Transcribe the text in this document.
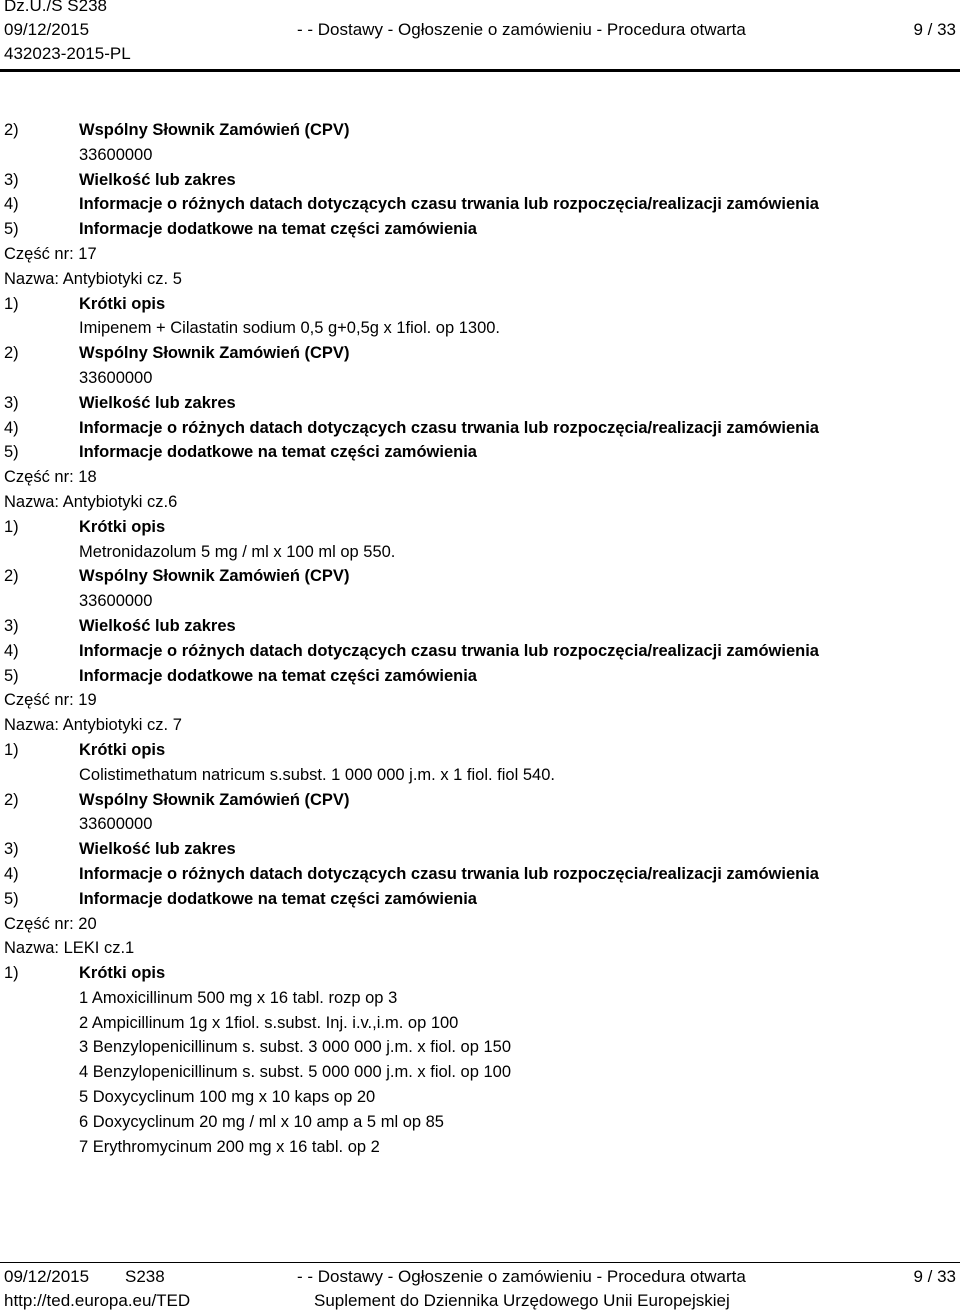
Dz.U./S S238
09/12/2015
432023-2015-PL
- - Dostawy - Ogłoszenie o zamówieniu - Procedura otwarta	9 / 33
2)	Wspólny Słownik Zamówień (CPV)
33600000
3)	Wielkość lub zakres
4)	Informacje o różnych datach dotyczących czasu trwania lub rozpoczęcia/realizacji zamówienia
5)	Informacje dodatkowe na temat części zamówienia
Część nr: 17
Nazwa: Antybiotyki cz. 5
1)	Krótki opis
Imipenem + Cilastatin sodium 0,5 g+0,5g x 1fiol. op 1300.
2)	Wspólny Słownik Zamówień (CPV)
33600000
3)	Wielkość lub zakres
4)	Informacje o różnych datach dotyczących czasu trwania lub rozpoczęcia/realizacji zamówienia
5)	Informacje dodatkowe na temat części zamówienia
Część nr: 18
Nazwa: Antybiotyki cz.6
1)	Krótki opis
Metronidazolum 5 mg / ml x 100 ml op 550.
2)	Wspólny Słownik Zamówień (CPV)
33600000
3)	Wielkość lub zakres
4)	Informacje o różnych datach dotyczących czasu trwania lub rozpoczęcia/realizacji zamówienia
5)	Informacje dodatkowe na temat części zamówienia
Część nr: 19
Nazwa: Antybiotyki cz. 7
1)	Krótki opis
Colistimethatum natricum s.subst. 1 000 000 j.m. x 1 fiol. fiol 540.
2)	Wspólny Słownik Zamówień (CPV)
33600000
3)	Wielkość lub zakres
4)	Informacje o różnych datach dotyczących czasu trwania lub rozpoczęcia/realizacji zamówienia
5)	Informacje dodatkowe na temat części zamówienia
Część nr: 20
Nazwa: LEKI cz.1
1)	Krótki opis
1 Amoxicillinum 500 mg x 16 tabl. rozp op 3
2 Ampicillinum 1g x 1fiol. s.subst. Inj. i.v.,i.m. op 100
3 Benzylopenicillinum s. subst. 3 000 000 j.m. x fiol. op 150
4 Benzylopenicillinum s. subst. 5 000 000 j.m. x fiol. op 100
5 Doxycyclinum 100 mg x 10 kaps op 20
6 Doxycyclinum 20 mg / ml x 10 amp a 5 ml op 85
7 Erythromycinum 200 mg x 16 tabl. op 2
09/12/2015 S238	- - Dostawy - Ogłoszenie o zamówieniu - Procedura otwarta	9 / 33
http://ted.europa.eu/TED	Suplement do Dziennika Urzędowego Unii Europejskiej
